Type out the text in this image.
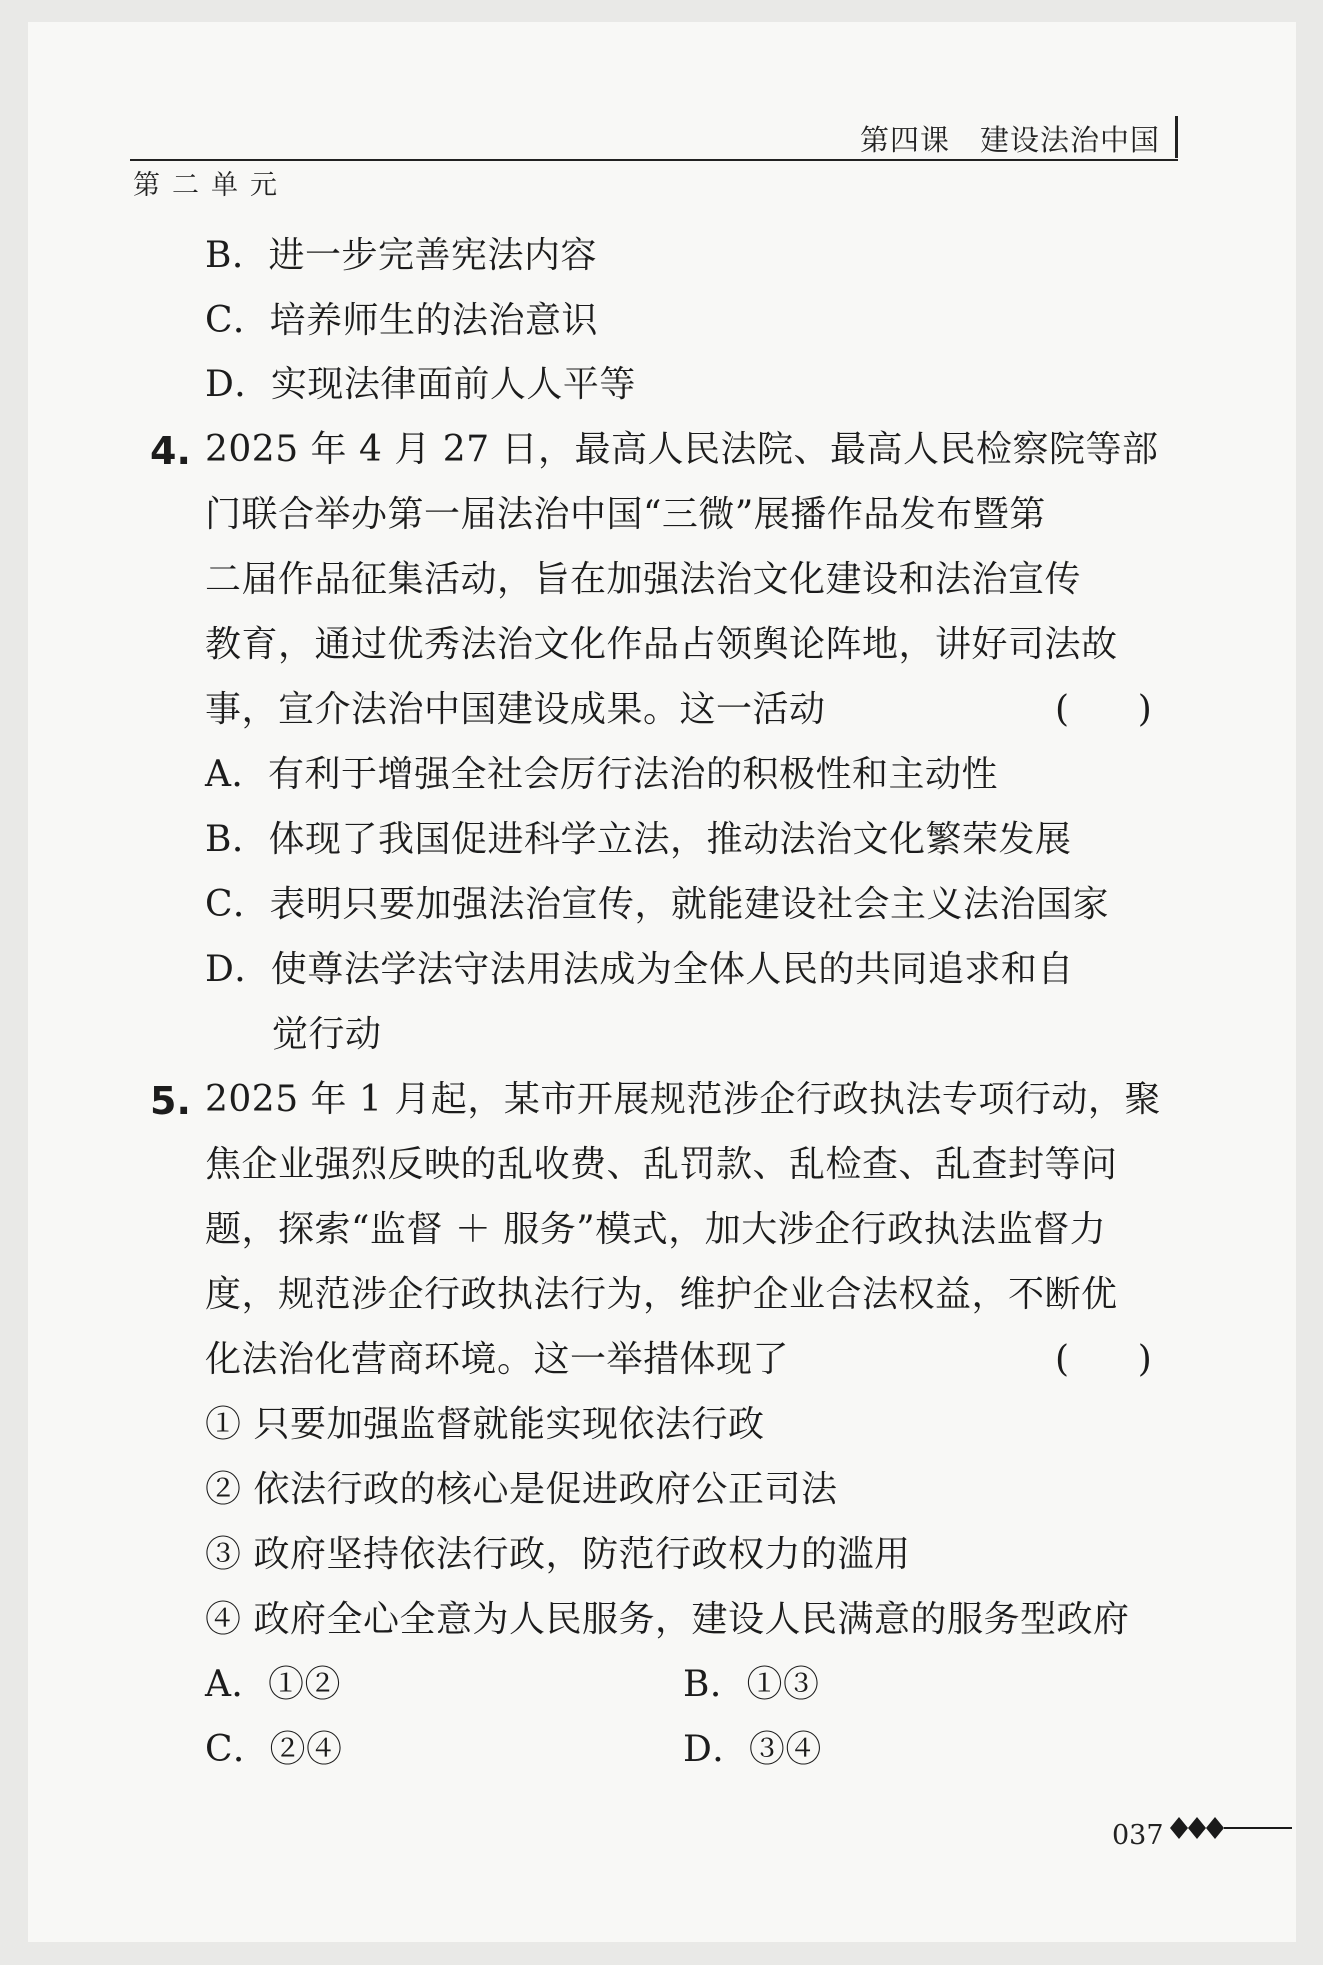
第四课 建设法治中国
第二单元
B．进一步完善宪法内容
C．培养师生的法治意识
D．实现法律面前人人平等
4. 2025 年 4 月 27 日，最高人民法院、最高人民检察院等部
门联合举办第一届法治中国“三微”展播作品发布暨第
二届作品征集活动，旨在加强法治文化建设和法治宣传
教育，通过优秀法治文化作品占领舆论阵地，讲好司法故
事，宣介法治中国建设成果。这一活动	(      )
A．有利于增强全社会厉行法治的积极性和主动性
B．体现了我国促进科学立法，推动法治文化繁荣发展
C．表明只要加强法治宣传，就能建设社会主义法治国家
D．使尊法学法守法用法成为全体人民的共同追求和自
觉行动
5. 2025 年 1 月起，某市开展规范涉企行政执法专项行动，聚
焦企业强烈反映的乱收费、乱罚款、乱检查、乱查封等问
题，探索“监督 ＋ 服务”模式，加大涉企行政执法监督力
度，规范涉企行政执法行为，维护企业合法权益，不断优
化法治化营商环境。这一举措体现了	(      )
① 只要加强监督就能实现依法行政
② 依法行政的核心是促进政府公正司法
③ 政府坚持依法行政，防范行政权力的滥用
④ 政府全心全意为人民服务，建设人民满意的服务型政府
A．①②	B．①③
C．②④	D．③④
037
